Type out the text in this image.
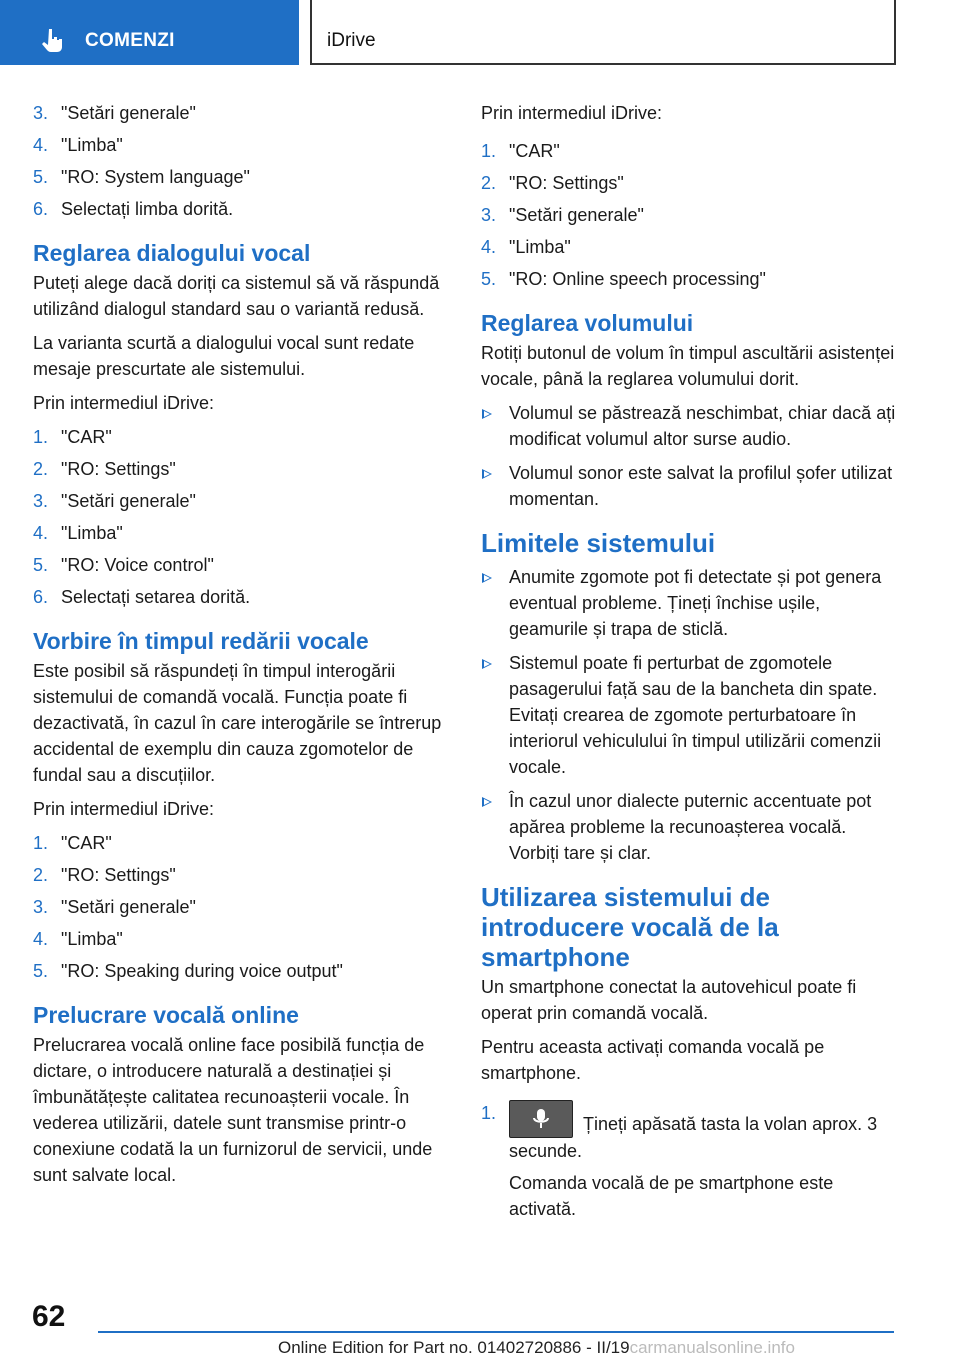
COMENZI	iDrive
3. "Setări generale"
4. "Limba"
5. "RO: System language"
6. Selectați limba dorită.
Reglarea dialogului vocal

Puteți alege dacă doriți ca sistemul să vă răspundă utilizând dialogul standard sau o variantă redusă.

La varianta scurtă a dialogului vocal sunt redate mesaje prescurtate ale sistemului.

Prin intermediul iDrive:

1. "CAR"
2. "RO: Settings"
3. "Setări generale"
4. "Limba"
5. "RO: Voice control"
6. Selectați setarea dorită.
Vorbire în timpul redării vocale

Este posibil să răspundeți în timpul interogării sistemului de comandă vocală. Funcția poate fi dezactivată, în cazul în care interogările se întrerup accidental de exemplu din cauza zgomotelor de fundal sau a discuțiilor.

Prin intermediul iDrive:

1. "CAR"
2. "RO: Settings"
3. "Setări generale"
4. "Limba"
5. "RO: Speaking during voice output"
Prelucrare vocală online

Prelucrarea vocală online face posibilă funcția de dictare, o introducere naturală a destinației și îmbunătățește calitatea recunoașterii vocale. În vederea utilizării, datele sunt transmise printr-o conexiune codată la un furnizorul de servicii, unde sunt salvate local.

Prin intermediul iDrive:

1. "CAR"
2. "RO: Settings"
3. "Setări generale"
4. "Limba"
5. "RO: Online speech processing"
Reglarea volumului

Rotiți butonul de volum în timpul ascultării asistenței vocale, până la reglarea volumului dorit.

Volumul se păstrează neschimbat, chiar dacă ați modificat volumul altor surse audio.
Volumul sonor este salvat la profilul șofer utilizat momentan.
Limitele sistemului
Anumite zgomote pot fi detectate și pot genera eventual probleme. Țineți închise ușile, geamurile și trapa de sticlă.
Sistemul poate fi perturbat de zgomotele pasagerului față sau de la bancheta din spate. Evitați crearea de zgomote perturbatoare în interiorul vehiculului în timpul utilizării comenzii vocale.
În cazul unor dialecte puternic accentuate pot apărea probleme la recunoașterea vocală. Vorbiți tare și clar.
Utilizarea sistemului de introducere vocală de la smartphone

Un smartphone conectat la autovehicul poate fi operat prin comandă vocală.

Pentru aceasta activați comanda vocală pe smartphone.

1.
Țineți apăsată tasta la volan aprox. 3 secunde.

Comanda vocală de pe smartphone este activată.

62
Online Edition for Part no. 01402720886 - II/19carmanualsonline.info
